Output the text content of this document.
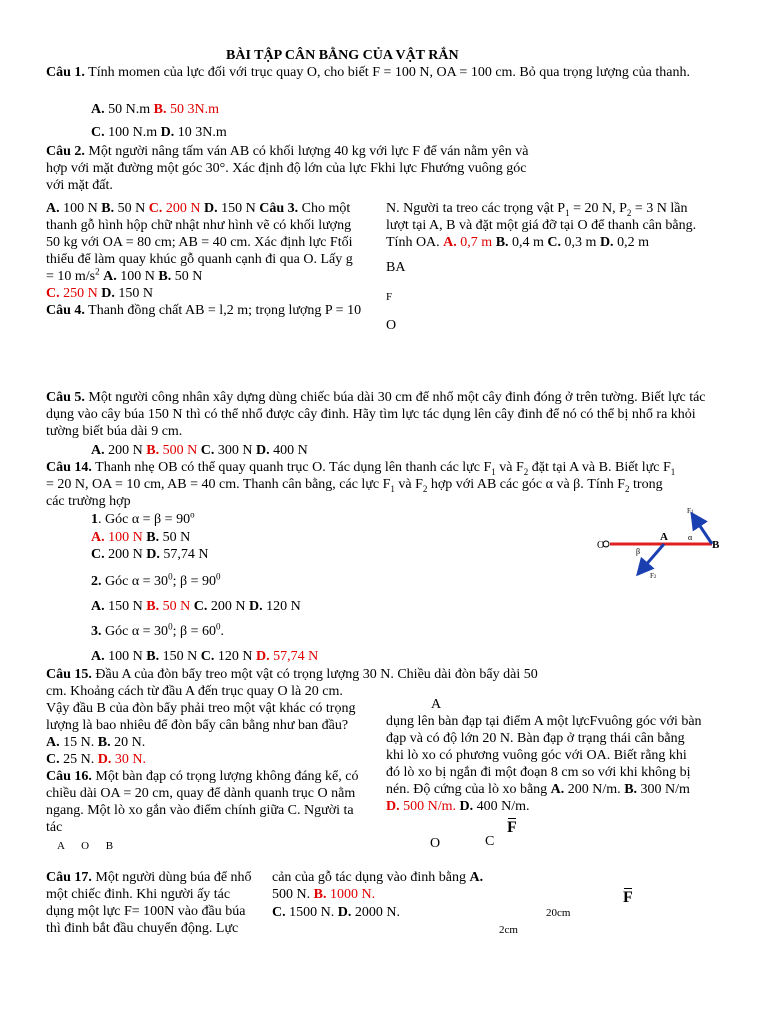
BÀI TẬP CÂN BẰNG CỦA VẬT RẮN

Câu 1. Tính momen của lực đối với trục quay O, cho biết F = 100 N, OA = 100 cm. Bỏ qua trọng lượng của thanh.

A. 50 N.m B. 50 3N.m
C. 100 N.m D. 10 3N.m

Câu 2. Một người nâng tấm ván AB có khối lượng 40 kg với lực F để ván nằm yên và

hợp với mặt đường một góc 30°. Xác định độ lớn của lực Fkhi lực Fhướng vuông góc

với mặt đất.

A. 100 N B. 50 N C. 200 N D. 150 N Câu 3. Cho một

thanh gỗ hình hộp chữ nhật như hình vẽ có khối lượng

50 kg với OA = 80 cm; AB = 40 cm. Xác định lực Ftối

thiểu để làm quay khúc gỗ quanh cạnh đi qua O. Lấy g

= 10 $m/s^2$ A. 100 N B. 50 N

C. 250 N D. 150 N

Câu 4. Thanh đồng chất AB = l,2 m; trọng lượng P = 10

N. Người ta treo các trọng vật $P_1 = 20$ N, $P_2 = 3$ N lần

lượt tại A, B và đặt một giá đỡ tại O để thanh cân bằng.

Tính OA. A. 0,7 m B. 0,4 m C. 0,3 m D. 0,2 m

BA
F
O

Câu 5. Một người công nhân xây dựng dùng chiếc búa dài 30 cm để nhổ một cây đinh đóng ở trên tường. Biết lực tác dụng vào cây búa 150 N thì có thể nhổ được cây đinh. Hãy tìm lực tác dụng lên cây đinh để nó có thể bị nhổ ra khỏi tường biết búa dài 9 cm.

A. 200 N B. 500 N C. 300 N D. 400 N

Câu 14. Thanh nhẹ OB có thể quay quanh trục O. Tác dụng lên thanh các lực $F_1$ và $F_2$ đặt tại A và B. Biết lực $F_1$

= 20 N, OA = 10 cm, AB = 40 cm. Thanh cân bằng, các lực $F_1$ và $F_2$ hợp với AB các góc α và β. Tính $F_2$ trong

các trường hợp

1. Góc $\alpha = \beta = 90^o$

A. 100 N B. 50 N

C. 200 N D. 57,74 N

2. Góc $\alpha = 30^0$; $\beta = 90^0$
A. 150 N B. 50 N C. 200 N D. 120 N
3. Góc $\alpha = 30^0$; $\beta = 60^0$.
A. 100 N B. 150 N C. 120 N D. 57,74 N
O
A
B
α
β
F1
F2

Câu 15. Đầu A của đòn bẩy treo một vật có trọng lượng 30 N. Chiều dài đòn bẩy dài 50

cm. Khoảng cách từ đầu A đến trục quay O là 20 cm.

Vậy đầu B của đòn bẩy phải treo một vật khác có trọng

lượng là bao nhiêu để đòn bẩy cân bằng như ban đầu?

A. 15 N. B. 20 N.

C. 25 N. D. 30 N.

Câu 16. Một bàn đạp có trọng lượng không đáng kể, có

chiều dài OA = 20 cm, quay để dành quanh trục O nằm

ngang. Một lò xo gắn vào điểm chính giữa C. Người ta

tác

A O B
A

dụng lên bàn đạp tại điểm A một lựcFvuông góc với bàn

đạp và có độ lớn 20 N. Bàn đạp ở trạng thái cân bằng

khi lò xo có phương vuông góc với OA. Biết rằng khi

đó lò xo bị ngắn đi một đoạn 8 cm so với khi không bị

nén. Độ cứng của lò xo bằng A. 200 N/m. B. 300 N/m

D. 500 N/m. D. 400 N/m.

O	C
F

Câu 17. Một người dùng búa để nhổ

một chiếc đinh. Khi người ấy tác

dụng một lực F= 100N vào đầu búa

thì đinh bắt đầu chuyển động. Lực

cản của gỗ tác dụng vào đinh bằng A.

500 N. B. 1000 N.

C. 1500 N. D. 2000 N.	20cm
2cm
F
